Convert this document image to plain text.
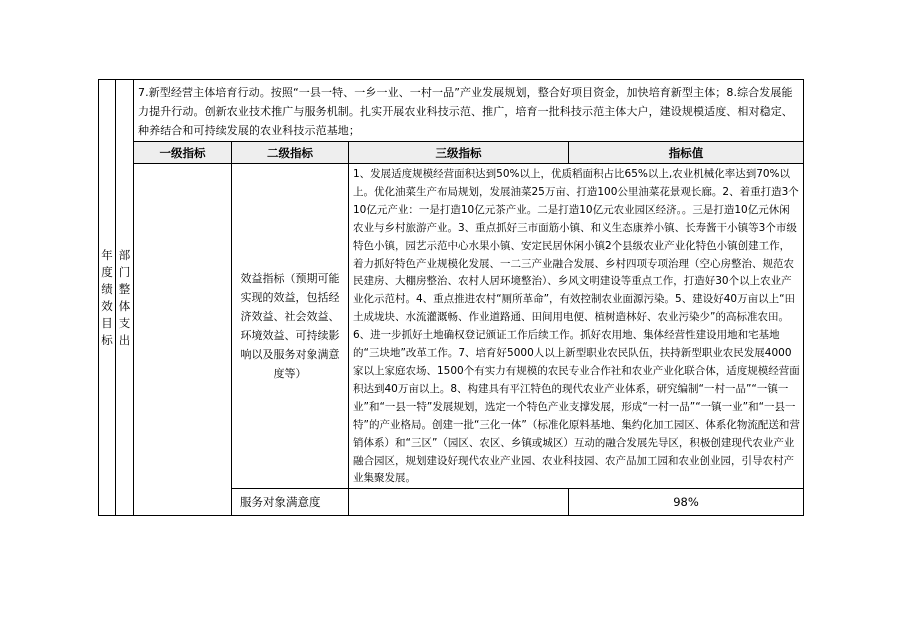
年度绩效目标	部门整体支出	7.新型经营主体培育行动。按照“一县一特、一乡一业、一村一品”产业发展规划，整合好项目资金，加快培育新型主体；8.综合发展能力提升行动。创新农业技术推广与服务机制。扎实开展农业科技示范、推广，培育一批科技示范主体大户，建设规模适度、相对稳定、种养结合和可持续发展的农业科技示范基地；			
		一级指标	二级指标	三级指标	指标值
			效益指标（预期可能实现的效益，包括经济效益、社会效益、环境效益、可持续影响以及服务对象满意度等）	1、发展适度规模经营面积达到50%以上，优质稻面积占比65%以上,农业机械化率达到70%以上。优化油菜生产布局规划，发展油菜25万亩、打造100公里油菜花景观长廊。2、着重打造3个10亿元产业：一是打造10亿元茶产业。二是打造10亿元农业园区经济。。三是打造10亿元休闲农业与乡村旅游产业。3、重点抓好三市面筋小镇、和义生态康养小镇、长寿酱干小镇等3个市级特色小镇，园艺示范中心水果小镇、安定民居休闲小镇2个县级农业产业化特色小镇创建工作，着力抓好特色产业规模化发展、一二三产业融合发展、乡村四项专项治理（空心房整治、规范农民建房、大棚房整治、农村人居环境整治）、乡风文明建设等重点工作，打造好30个以上农业产业化示范村。4、重点推进农村“厕所革命”，有效控制农业面源污染。5、建设好40万亩以上“田土成垅块、水流灌溉畅、作业道路通、田间用电便、植树造林好、农业污染少”的高标准农田。6、进一步抓好土地确权登记颁证工作后续工作。抓好农用地、集体经营性建设用地和宅基地的“三块地”改革工作。7、培育好5000人以上新型职业农民队伍，扶持新型职业农民发展4000家以上家庭农场、1500个有实力有规模的农民专业合作社和农业产业化联合体，适度规模经营面积达到40万亩以上。8、构建具有平江特色的现代农业产业体系，研究编制“一村一品”“一镇一业”和“一县一特”发展规划，选定一个特色产业支撑发展，形成“一村一品”“一镇一业”和“一县一特”的产业格局。创建一批“三化一体”（标准化原料基地、集约化加工园区、体系化物流配送和营销体系）和“三区”（园区、农区、乡镇或城区）互动的融合发展先导区，积极创建现代农业产业融合园区，规划建设好现代农业产业园、农业科技园、农产品加工园和农业创业园，引导农村产业集聚发展。	
			服务对象满意度		98%
